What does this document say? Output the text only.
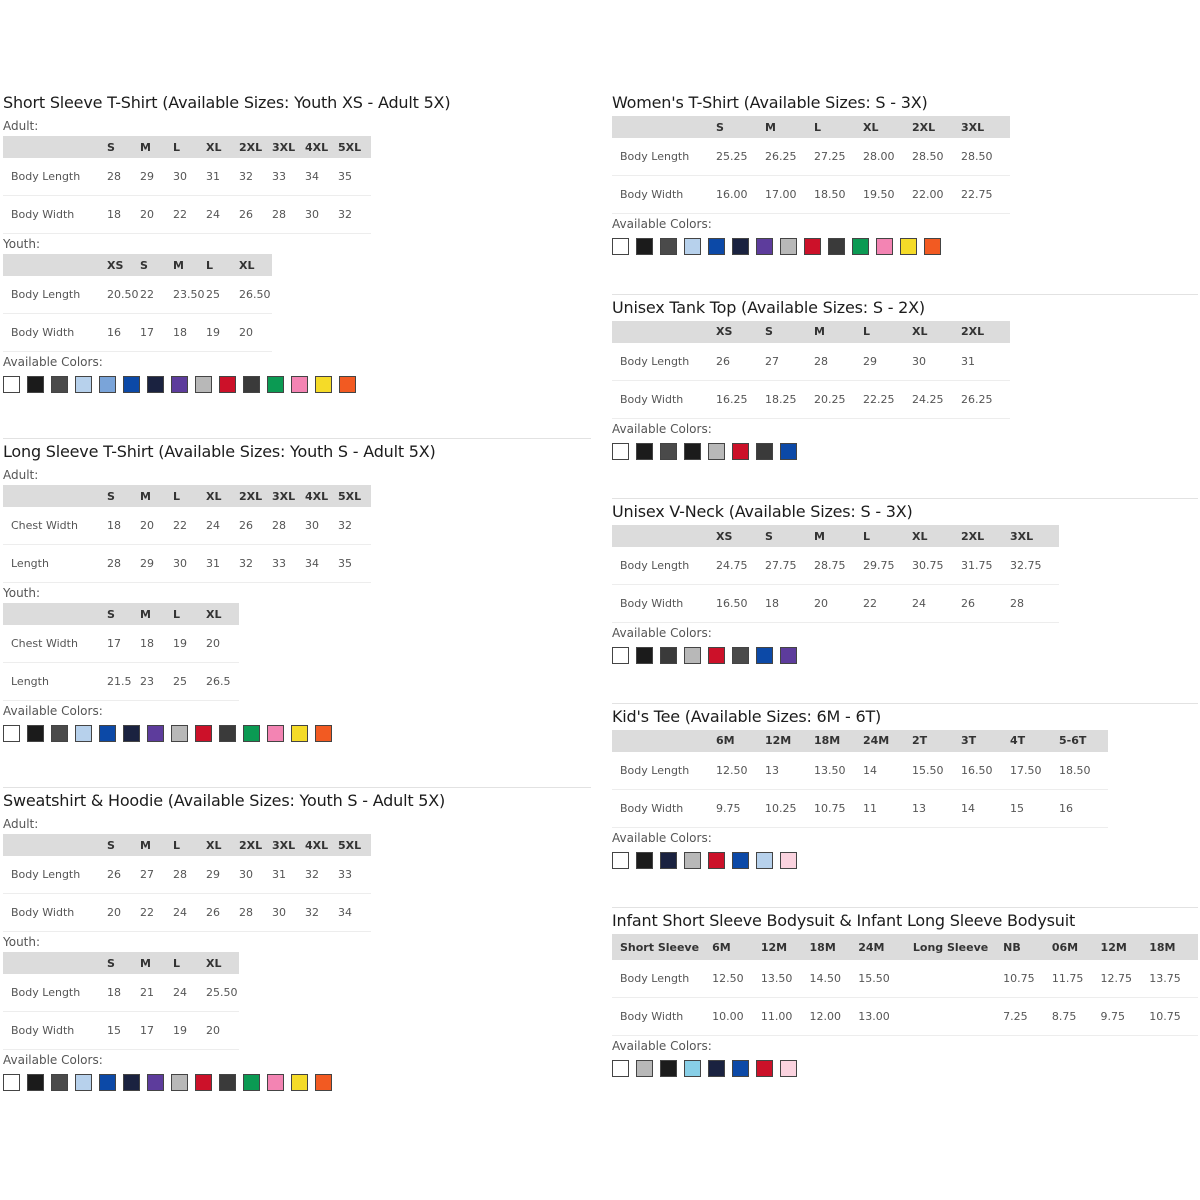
Short Sleeve T-Shirt (Available Sizes: Youth XS - Adult 5X)
Adult:
	S	M	L	XL	2XL	3XL	4XL	5XL
Body Length	28	29	30	31	32	33	34	35
Body Width	18	20	22	24	26	28	30	32
Youth:
	XS	S	M	L	XL
Body Length	20.50	22	23.50	25	26.50
Body Width	16	17	18	19	20
Available Colors:
Long Sleeve T-Shirt (Available Sizes: Youth S - Adult 5X)
Adult:
	S	M	L	XL	2XL	3XL	4XL	5XL
Chest Width	18	20	22	24	26	28	30	32
Length	28	29	30	31	32	33	34	35
Youth:
	S	M	L	XL
Chest Width	17	18	19	20
Length	21.5	23	25	26.5
Available Colors:
Sweatshirt & Hoodie (Available Sizes: Youth S - Adult 5X)
Adult:
	S	M	L	XL	2XL	3XL	4XL	5XL
Body Length	26	27	28	29	30	31	32	33
Body Width	20	22	24	26	28	30	32	34
Youth:
	S	M	L	XL
Body Length	18	21	24	25.50
Body Width	15	17	19	20
Available Colors:
Women's T-Shirt (Available Sizes: S - 3X)
	S	M	L	XL	2XL	3XL
Body Length	25.25	26.25	27.25	28.00	28.50	28.50
Body Width	16.00	17.00	18.50	19.50	22.00	22.75
Available Colors:
Unisex Tank Top (Available Sizes: S - 2X)
	XS	S	M	L	XL	2XL
Body Length	26	27	28	29	30	31
Body Width	16.25	18.25	20.25	22.25	24.25	26.25
Available Colors:
Unisex V-Neck (Available Sizes: S - 3X)
	XS	S	M	L	XL	2XL	3XL
Body Length	24.75	27.75	28.75	29.75	30.75	31.75	32.75
Body Width	16.50	18	20	22	24	26	28
Available Colors:
Kid's Tee (Available Sizes: 6M - 6T)
	6M	12M	18M	24M	2T	3T	4T	5-6T
Body Length	12.50	13	13.50	14	15.50	16.50	17.50	18.50
Body Width	9.75	10.25	10.75	11	13	14	15	16
Available Colors:
Infant Short Sleeve Bodysuit & Infant Long Sleeve Bodysuit
Short Sleeve	6M	12M	18M	24M	Long Sleeve	NB	06M	12M	18M
Body Length	12.50	13.50	14.50	15.50		10.75	11.75	12.75	13.75
Body Width	10.00	11.00	12.00	13.00		7.25	8.75	9.75	10.75
Available Colors:
